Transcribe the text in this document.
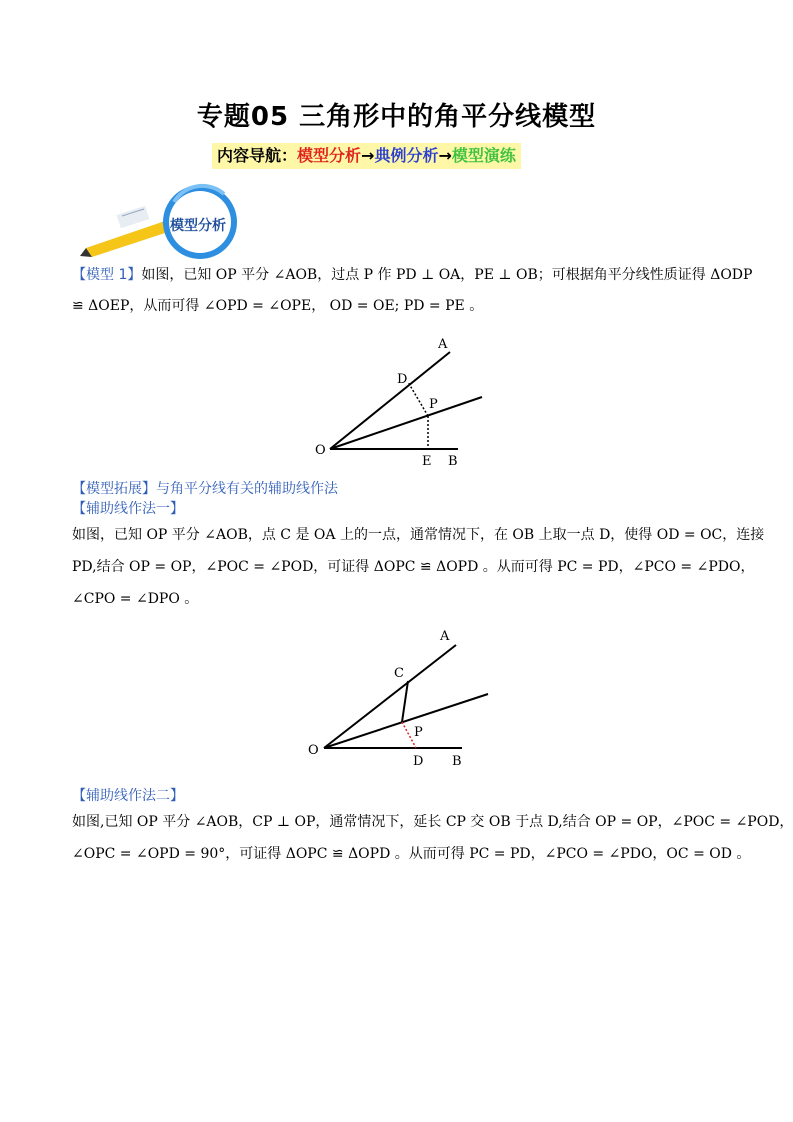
专题05 三角形中的角平分线模型
内容导航：模型分析→典例分析→模型演练
模型分析
【模型 1】如图，已知 OP 平分 ∠AOB，过点 P 作 PD ⊥ OA，PE ⊥ OB；可根据角平分线性质证得 ΔODP
≌ ΔOEP，从而可得 ∠OPD = ∠OPE， OD = OE; PD = PE 。
A
D
P
O
E B
【模型拓展】与角平分线有关的辅助线作法
【辅助线作法一】
如图，已知 OP 平分 ∠AOB，点 C 是 OA 上的一点，通常情况下，在 OB 上取一点 D，使得 OD = OC，连接
PD,结合 OP = OP，∠POC = ∠POD，可证得 ΔOPC ≌ ΔOPD 。从而可得 PC = PD，∠PCO = ∠PDO，
∠CPO = ∠DPO 。
A
C
P
O
D B
【辅助线作法二】
如图,已知 OP 平分 ∠AOB，CP ⊥ OP，通常情况下，延长 CP 交 OB 于点 D,结合 OP = OP，∠POC = ∠POD，
∠OPC = ∠OPD = 90°，可证得 ΔOPC ≌ ΔOPD 。从而可得 PC = PD，∠PCO = ∠PDO，OC = OD 。
